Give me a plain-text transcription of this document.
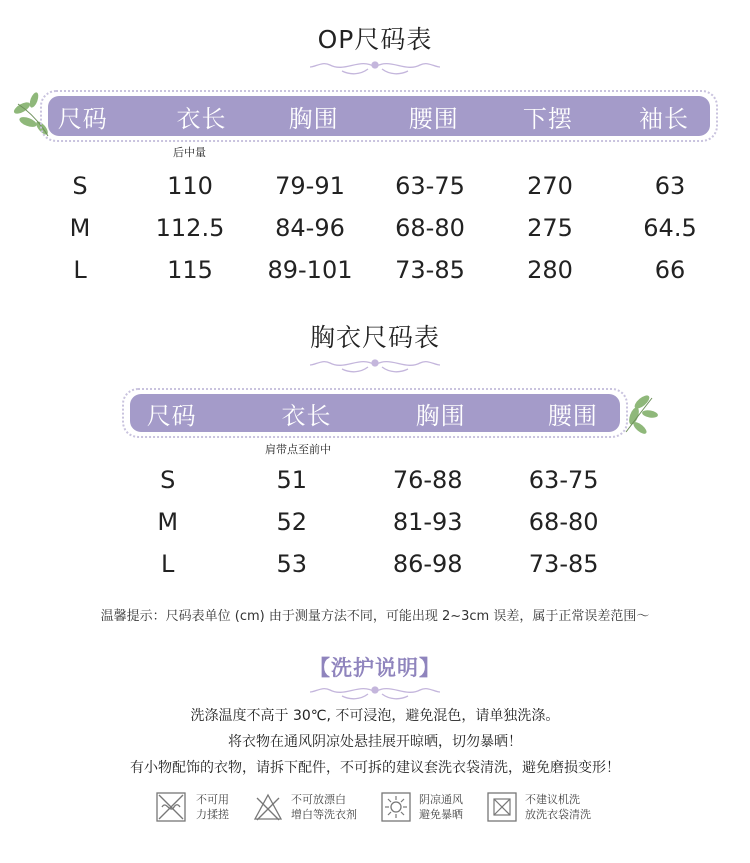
OP尺码表
尺码	衣长	胸围	腰围	下摆	袖长
后中量
S	110	79-91	63-75	270	63
M	112.5	84-96	68-80	275	64.5
L	115	89-101	73-85	280	66
胸衣尺码表
尺码	衣长	胸围	腰围
肩带点至前中
S	51	76-88	63-75
M	52	81-93	68-80
L	53	86-98	73-85
温馨提示：尺码表单位 (cm) 由于测量方法不同，可能出现 2~3cm 误差，属于正常误差范围～
【洗护说明】
洗涤温度不高于 30℃, 不可浸泡，避免混色，请单独洗涤。
将衣物在通风阴凉处悬挂展开晾晒，切勿暴晒！
有小物配饰的衣物，请拆下配件，不可拆的建议套洗衣袋清洗，避免磨损变形！
不可用
力揉搓
不可放漂白
增白等洗衣剂
阴凉通风
避免暴晒
不建议机洗
放洗衣袋清洗
